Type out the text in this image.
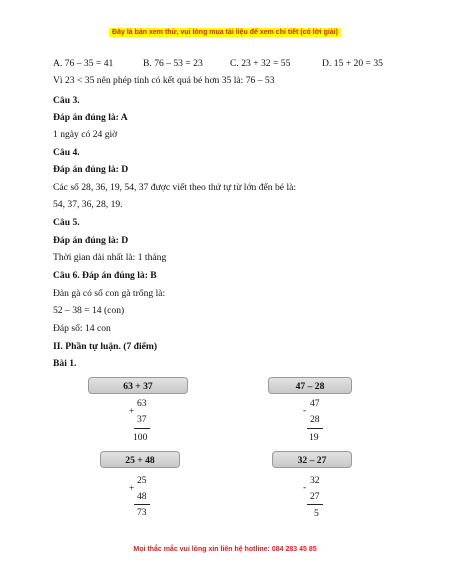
Đây là bản xem thử, vui lòng mua tài liệu để xem chi tiết (có lời giải)
A. 76 – 35 = 41	B. 76 – 53 = 23	C. 23 + 32 = 55	D. 15 + 20 = 35
Vì 23 < 35 nên phép tính có kết quả bé hơn 35 là: 76 – 53
Câu 3.
Đáp án đúng là: A
1 ngày có 24 giờ
Câu 4.
Đáp án đúng là: D
Các số 28, 36, 19, 54, 37 được viết theo thứ tự từ lớn đến bé là:
54, 37, 36, 28, 19.
Câu 5.
Đáp án đúng là: D
Thời gian dài nhất là: 1 tháng
Câu 6. Đáp án đúng là: B
Đàn gà có số con gà trống là:
52 – 38 = 14 (con)
Đáp số: 14 con
II. Phần tự luận. (7 điểm)
Bài 1.
63 + 37
+
63
37
100
47 – 28
-
47
28
19
25 + 48
+
25
48
73
32 – 27
-
32
27
5
Mọi thắc mắc vui lòng xin liên hệ hotline: 084 283 45 85
